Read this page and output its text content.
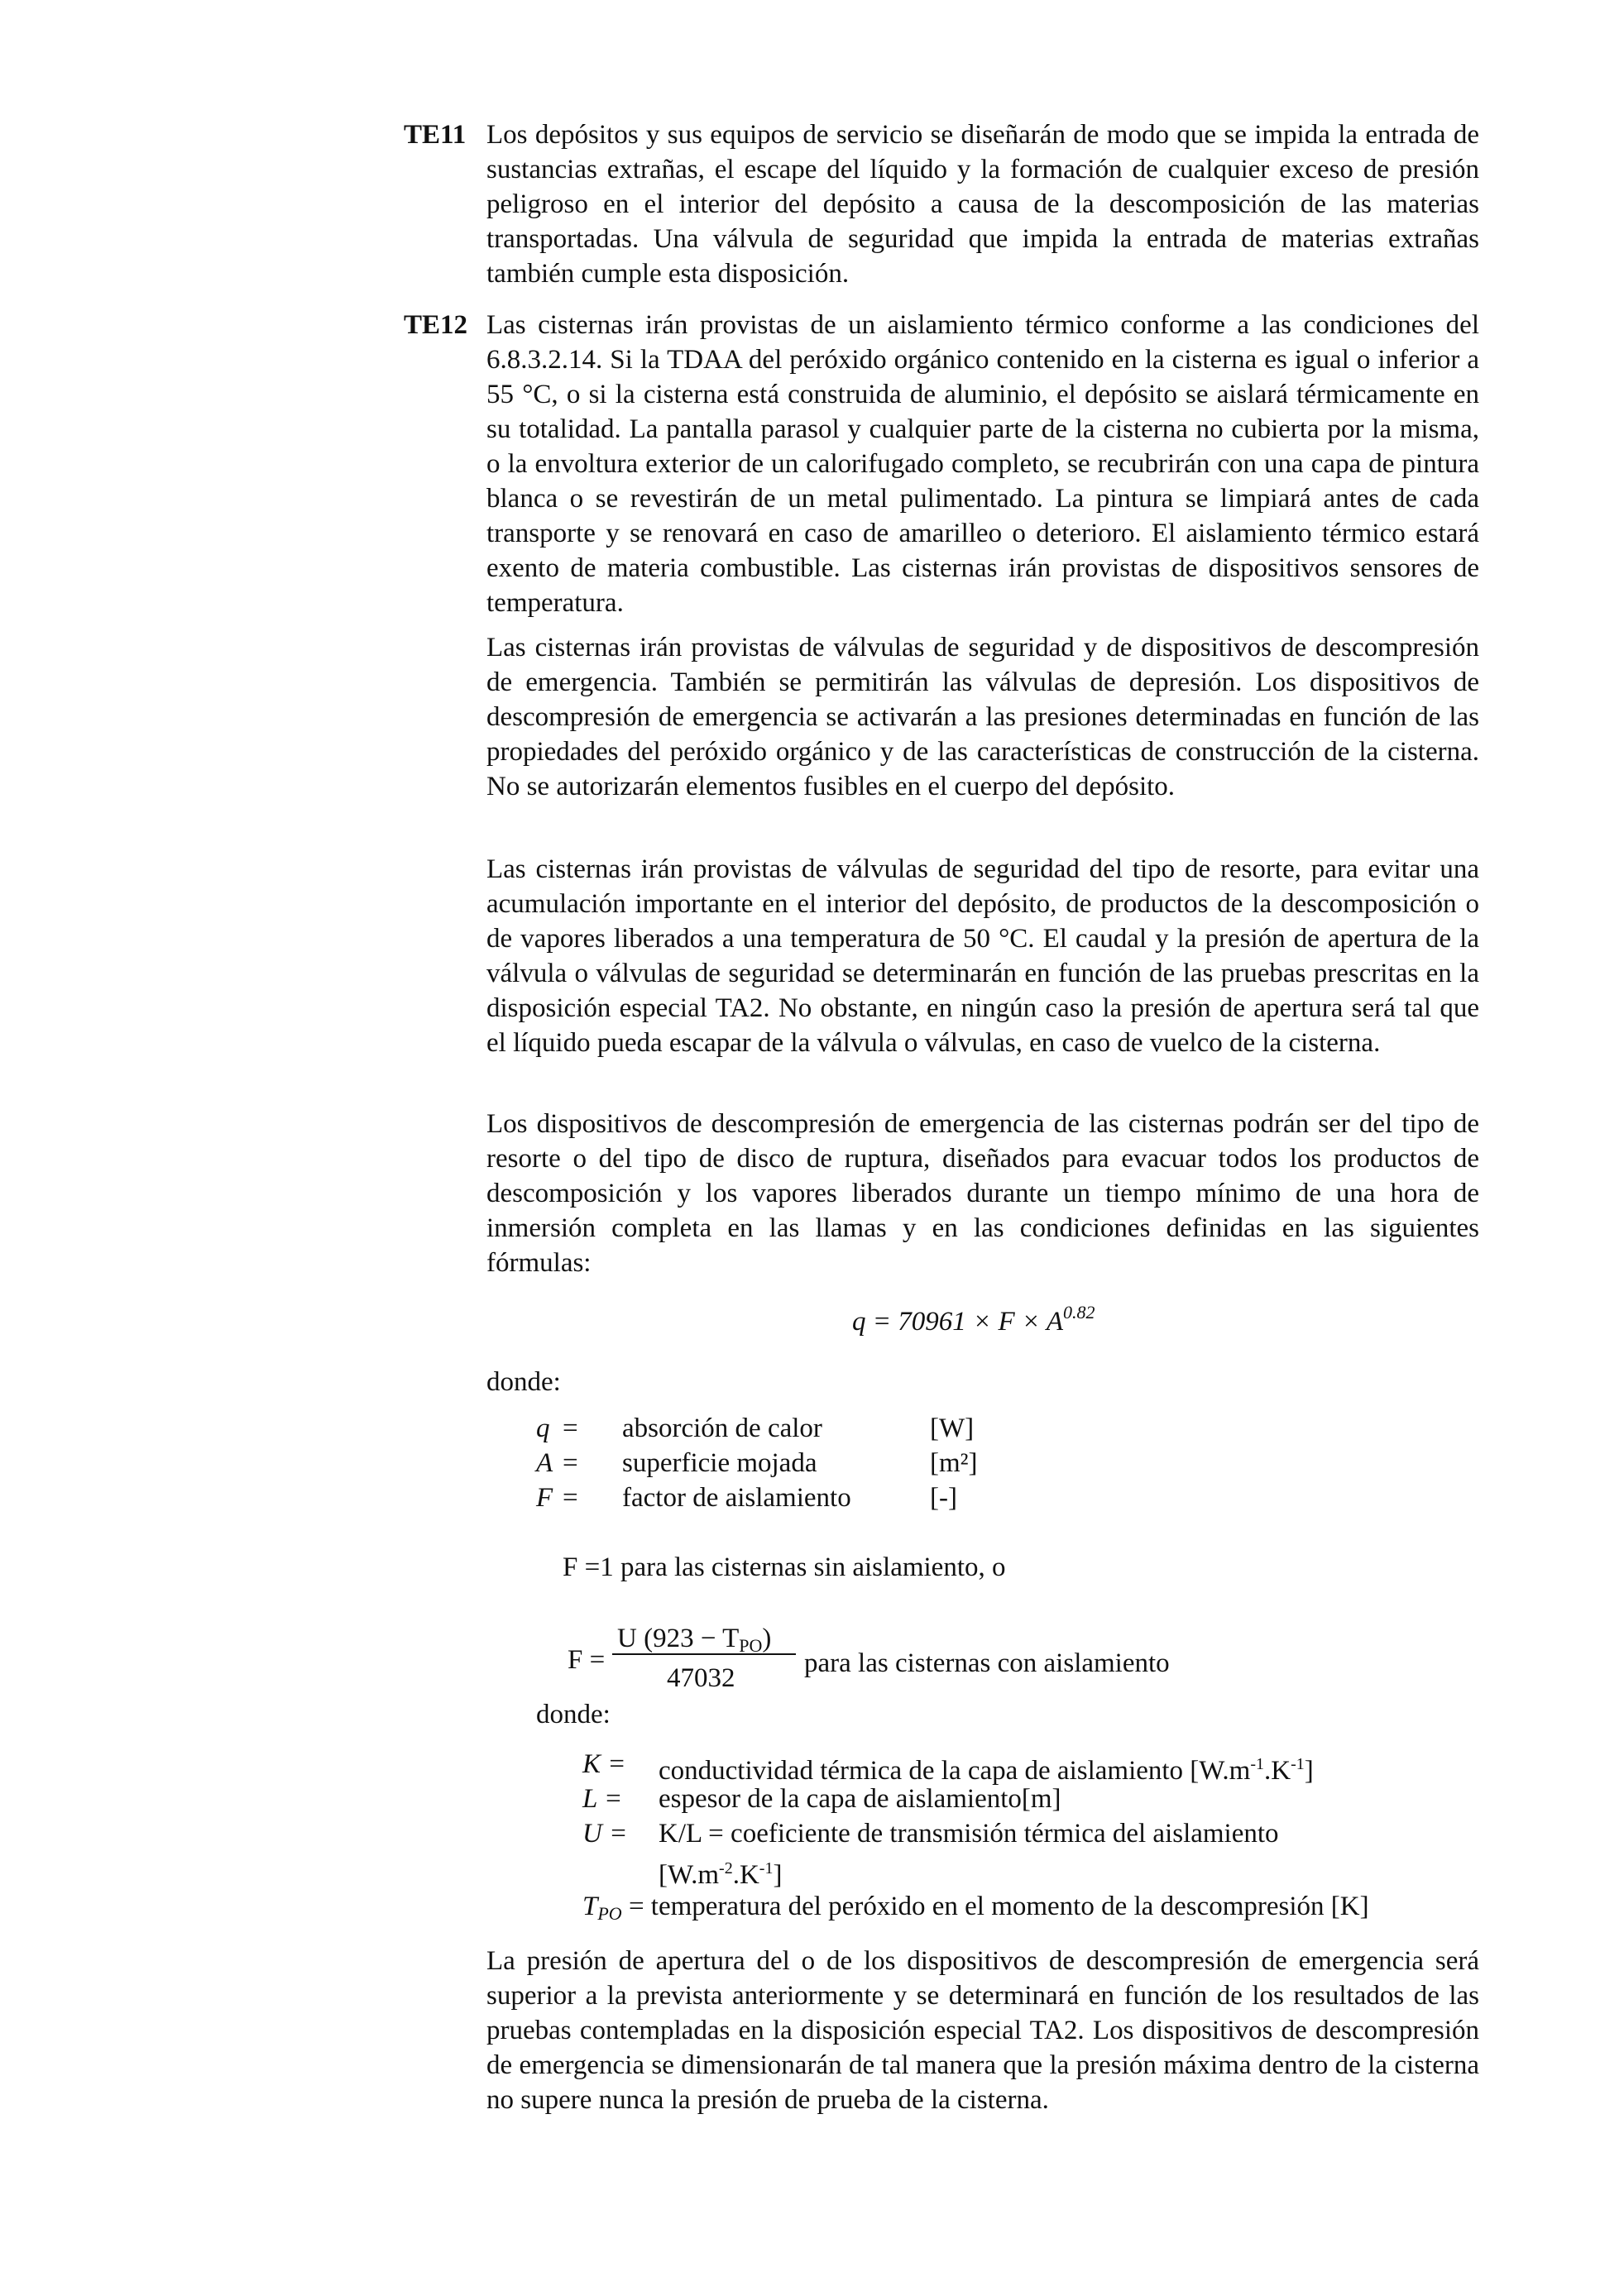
TE11 Los depósitos y sus equipos de servicio se diseñarán de modo que se impida la entrada de sustancias extrañas, el escape del líquido y la formación de cualquier exceso de presión peligroso en el interior del depósito a causa de la descomposición de las materias transportadas. Una válvula de seguridad que impida la entrada de materias extrañas también cumple esta disposición.
TE12 Las cisternas irán provistas de un aislamiento térmico conforme a las condiciones del 6.8.3.2.14. Si la TDAA del peróxido orgánico contenido en la cisterna es igual o inferior a 55 °C, o si la cisterna está construida de aluminio, el depósito se aislará térmicamente en su totalidad. La pantalla parasol y cualquier parte de la cisterna no cubierta por la misma, o la envoltura exterior de un calorifugado completo, se recubrirán con una capa de pintura blanca o se revestirán de un metal pulimentado. La pintura se limpiará antes de cada transporte y se renovará en caso de amarilleo o deterioro. El aislamiento térmico estará exento de materia combustible. Las cisternas irán provistas de dispositivos sensores de temperatura.
Las cisternas irán provistas de válvulas de seguridad y de dispositivos de descompresión de emergencia. También se permitirán las válvulas de depresión. Los dispositivos de descompresión de emergencia se activarán a las presiones determinadas en función de las propiedades del peróxido orgánico y de las características de construcción de la cisterna. No se autorizarán elementos fusibles en el cuerpo del depósito.
Las cisternas irán provistas de válvulas de seguridad del tipo de resorte, para evitar una acumulación importante en el interior del depósito, de productos de la descomposición o de vapores liberados a una temperatura de 50 °C. El caudal y la presión de apertura de la válvula o válvulas de seguridad se determinarán en función de las pruebas prescritas en la disposición especial TA2. No obstante, en ningún caso la presión de apertura será tal que el líquido pueda escapar de la válvula o válvulas, en caso de vuelco de la cisterna.
Los dispositivos de descompresión de emergencia de las cisternas podrán ser del tipo de resorte o del tipo de disco de ruptura, diseñados para evacuar todos los productos de descomposición y los vapores liberados durante un tiempo mínimo de una hora de inmersión completa en las llamas y en las condiciones definidas en las siguientes fórmulas:
$q = 70961 \times F \times A^{0.82}$
donde:
q = absorción de calor	[W]
A = superficie mojada	[m²]
F = factor de aislamiento	[-]
F =1 para las cisternas sin aislamiento, o
F =
U $(923 - T_{PO})$
47032	para las cisternas con aislamiento
donde:
K = conductividad térmica de la capa de aislamiento $[W.m^{-1}.K^{-1}]$
L = espesor de la capa de aislamiento[m]
U = K/L = coeficiente de transmisión térmica del aislamiento
$[W.m^{-2}.K^{-1}]$
$T_{PO}$ = temperatura del peróxido en el momento de la descompresión [K]
La presión de apertura del o de los dispositivos de descompresión de emergencia será superior a la prevista anteriormente y se determinará en función de los resultados de las pruebas contempladas en la disposición especial TA2. Los dispositivos de descompresión de emergencia se dimensionarán de tal manera que la presión máxima dentro de la cisterna no supere nunca la presión de prueba de la cisterna.
